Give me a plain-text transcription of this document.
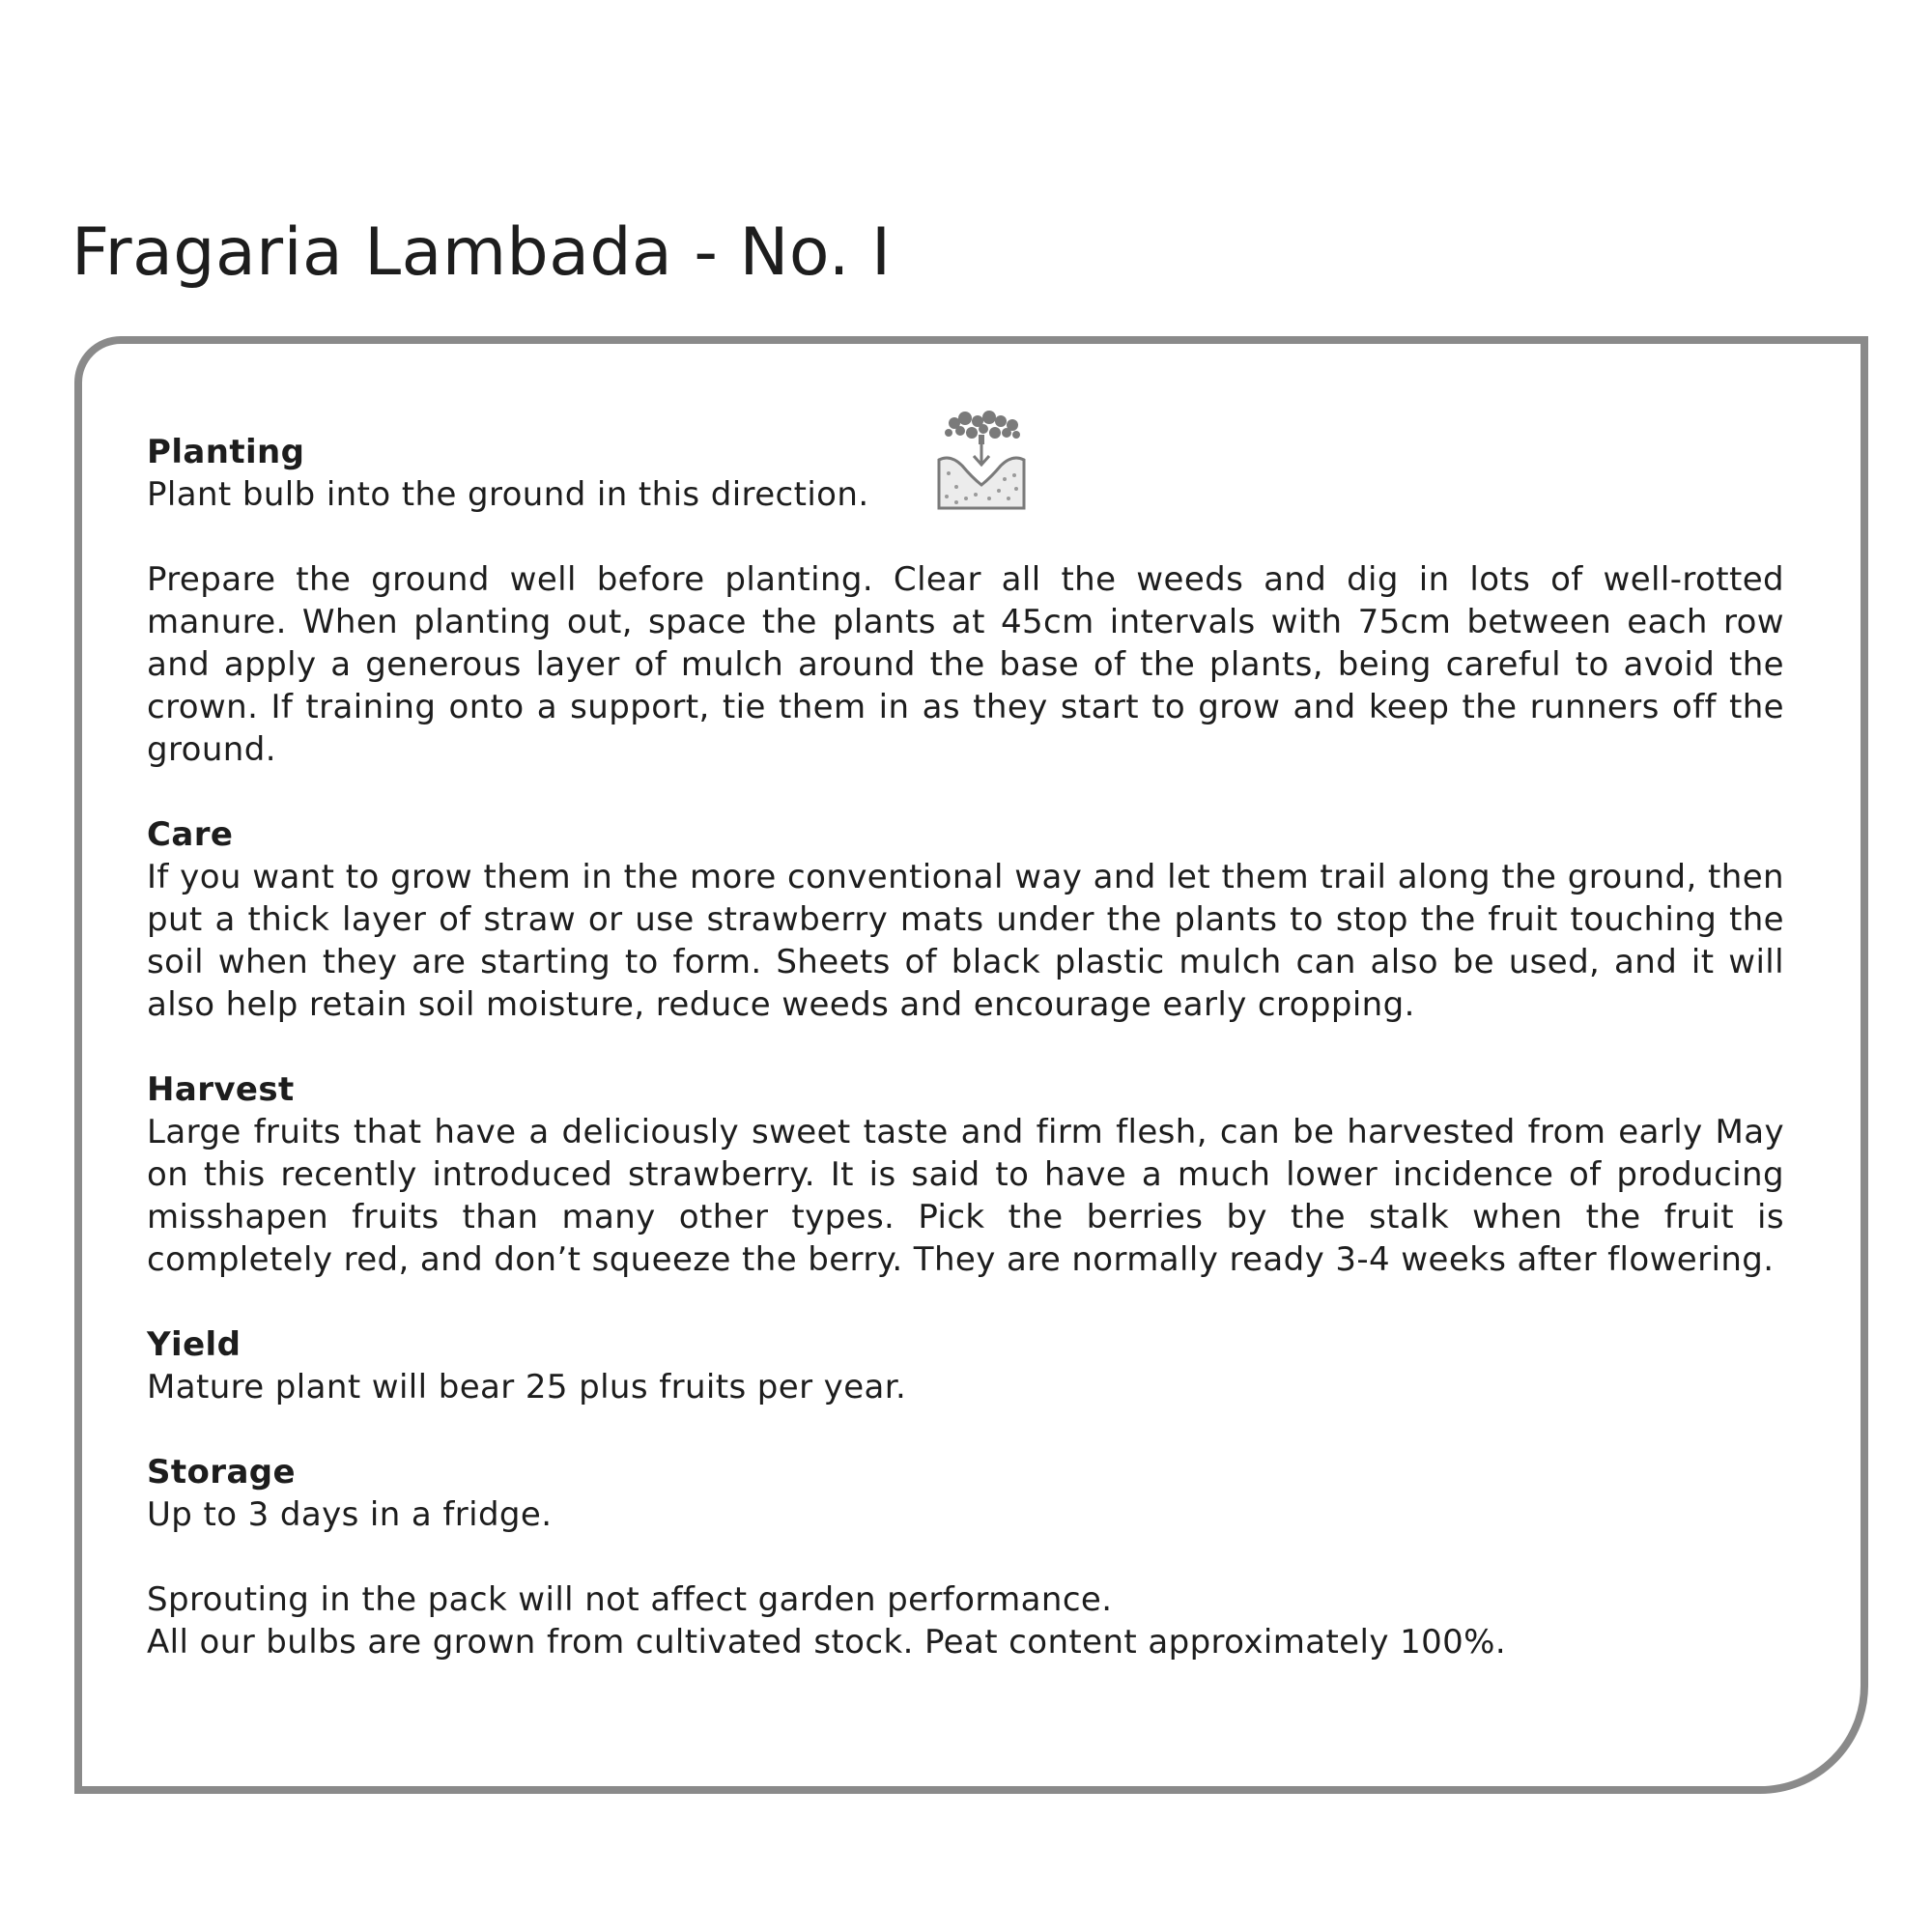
Fragaria Lambada - No. I
Planting
Plant bulb into the ground in this direction.
Prepare the ground well before planting. Clear all the weeds and dig in lots of well-rotted manure. When planting out, space the plants at 45cm intervals with 75cm between each row and apply a generous layer of mulch around the base of the plants, being careful to avoid the crown. If training onto a support, tie them in as they start to grow and keep the runners off the ground.
Care
If you want to grow them in the more conventional way and let them trail along the ground, then put a thick layer of straw or use strawberry mats under the plants to stop the fruit touching the soil when they are starting to form. Sheets of black plastic mulch can also be used, and it will also help retain soil moisture, reduce weeds and encourage early cropping.
Harvest
Large fruits that have a deliciously sweet taste and firm flesh, can be harvested from early May on this recently introduced strawberry. It is said to have a much lower incidence of producing misshapen fruits than many other types. Pick the berries by the stalk when the fruit is completely red, and don’t squeeze the berry. They are normally ready 3-4 weeks after flowering.
Yield
Mature plant will bear 25 plus fruits per year.
Storage
Up to 3 days in a fridge.
Sprouting in the pack will not affect garden performance.
All our bulbs are grown from cultivated stock. Peat content approximately 100%.
